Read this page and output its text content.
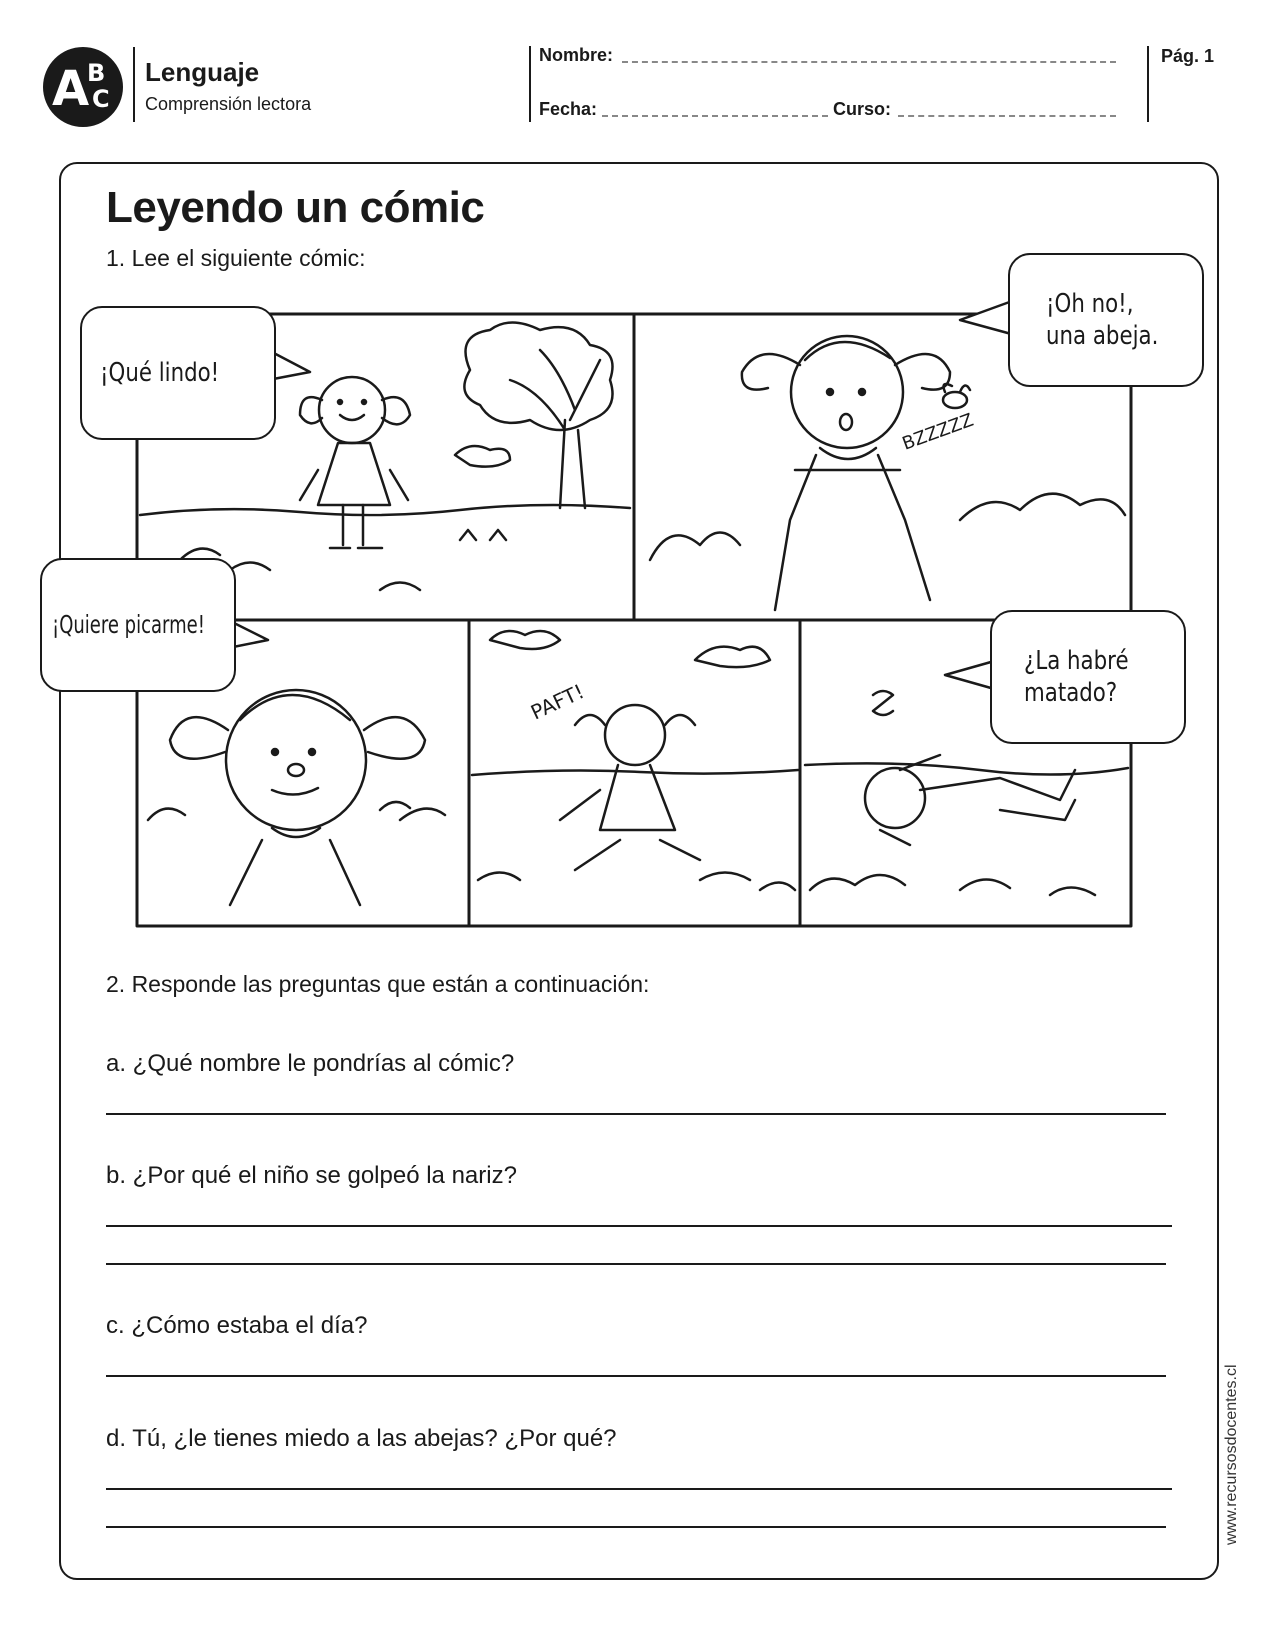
A
B
C
Lenguaje
Comprensión lectora
Nombre:
Fecha:	Curso:
Pág. 1
Leyendo un cómic
1. Lee el siguiente cómic:
BZZZZZ
PAFT!
¡Qué lindo!
¡Oh no!,
una abeja.
¡Quiere picarme!
¿La habré
matado?
2. Responde las preguntas que están a continuación:
a. ¿Qué nombre le pondrías al cómic?
b. ¿Por qué el niño se golpeó la nariz?
c. ¿Cómo estaba el día?
d. Tú, ¿le tienes miedo a las abejas? ¿Por qué?	www.recursosdocentes.cl
